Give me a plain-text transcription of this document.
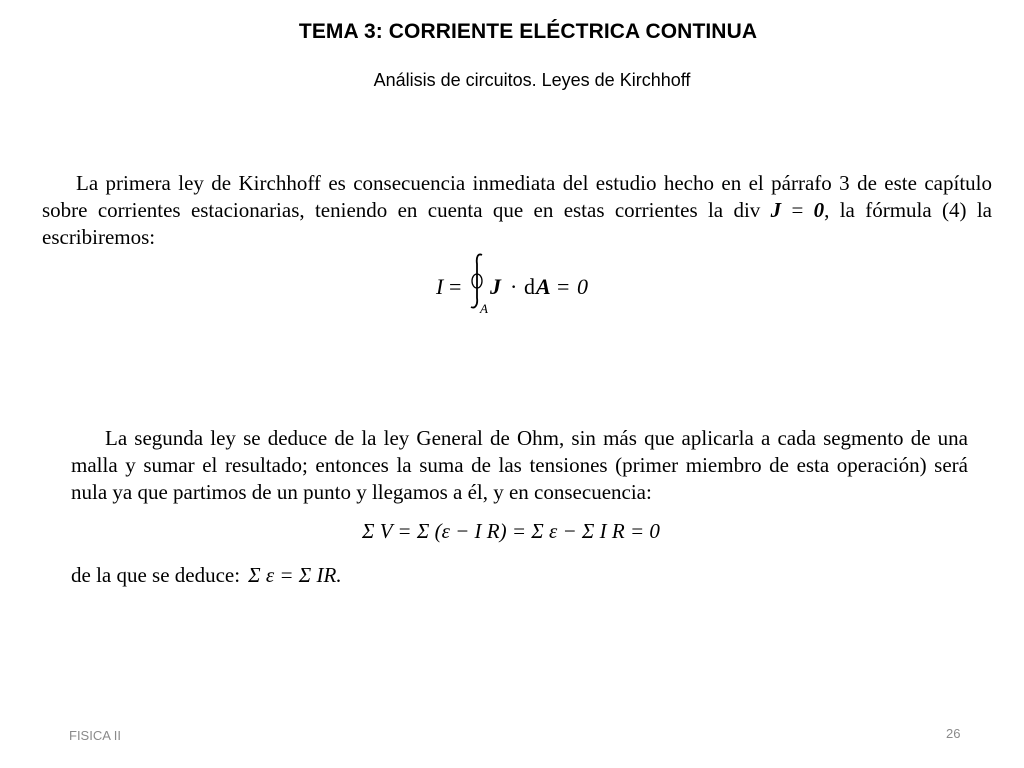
TEMA 3: CORRIENTE ELÉCTRICA CONTINUA
Análisis de circuitos. Leyes de Kirchhoff

La primera ley de Kirchhoff es consecuencia inmediata del estudio hecho en el párrafo 3 de este capítulo sobre corrientes estacionarias, teniendo en cuenta que en estas corrientes la div J = 0, la fórmula (4) la escribiremos:

I =
A
J · d A = 0

La segunda ley se deduce de la ley General de Ohm, sin más que aplicarla a cada segmento de una malla y sumar el resultado; entonces la suma de las tensiones (primer miembro de esta operación) será nula ya que partimos de un punto y llegamos a él, y en consecuencia:

Σ V = Σ (ε − I R) = Σ ε − Σ I R = 0
de la que se deduce: Σ ε = Σ IR.
FISICA II	26
